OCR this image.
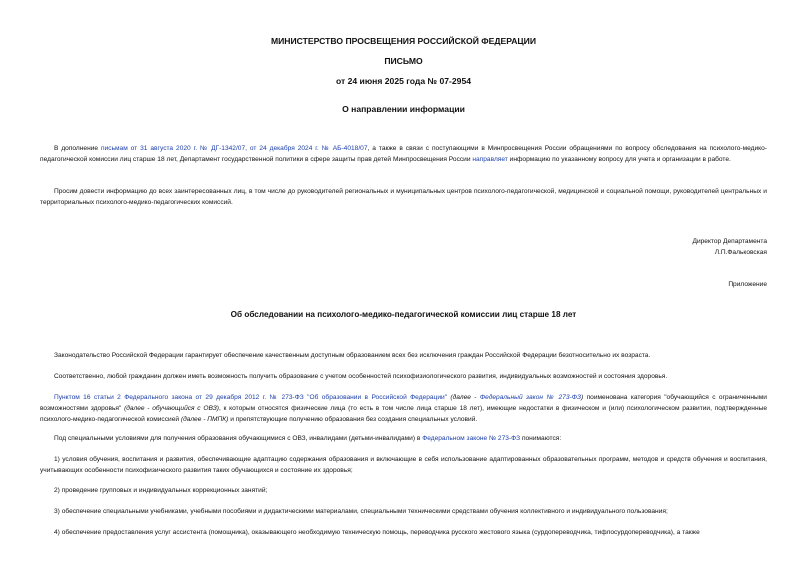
МИНИСТЕРСТВО ПРОСВЕЩЕНИЯ РОССИЙСКОЙ ФЕДЕРАЦИИ
ПИСЬМО
от 24 июня 2025 года № 07-2954
О направлении информации

В дополнение письмам от 31 августа 2020 г. № ДГ-1342/07, от 24 декабря 2024 г. № АБ-4018/07, а также в связи с поступающими в Минпросвещения России обращениями по вопросу обследования на психолого-медико-педагогической комиссии лиц старше 18 лет, Департамент государственной политики в сфере защиты прав детей Минпросвещения России направляет информацию по указанному вопросу для учета и организации в работе.

Просим довести информацию до всех заинтересованных лиц, в том числе до руководителей региональных и муниципальных центров психолого-педагогической, медицинской и социальной помощи, руководителей центральных и территориальных психолого-медико-педагогических комиссий.

Директор Департамента
Л.П.Фальковская
Приложение
Об обследовании на психолого-медико-педагогической комиссии лиц старше 18 лет

Законодательство Российской Федерации гарантирует обеспечение качественным доступным образованием всех без исключения граждан Российской Федерации безотносительно их возраста.

Соответственно, любой гражданин должен иметь возможность получить образование с учетом особенностей психофизиологического развития, индивидуальных возможностей и состояния здоровья.

Пунктом 16 статьи 2 Федерального закона от 29 декабря 2012 г. № 273-ФЗ "Об образовании в Российской Федерации" (далее - Федеральный закон № 273-ФЗ) поименована категория "обучающийся с ограниченными возможностями здоровья" (далее - обучающийся с ОВЗ), к которым относятся физические лица (то есть в том числе лица старше 18 лет), имеющие недостатки в физическом и (или) психологическом развитии, подтвержденные психолого-медико-педагогической комиссией (далее - ПМПК) и препятствующие получению образования без создания специальных условий.

Под специальными условиями для получения образования обучающимися с ОВЗ, инвалидами (детьми-инвалидами) в Федеральном законе № 273-ФЗ понимаются:

1) условия обучения, воспитания и развития, обеспечивающие адаптацию содержания образования и включающие в себя использование адаптированных образовательных программ, методов и средств обучения и воспитания, учитывающих особенности психофизического развития таких обучающихся и состояние их здоровья;

2) проведение групповых и индивидуальных коррекционных занятий;

3) обеспечение специальными учебниками, учебными пособиями и дидактическими материалами, специальными техническими средствами обучения коллективного и индивидуального пользования;

4) обеспечение предоставления услуг ассистента (помощника), оказывающего необходимую техническую помощь, переводчика русского жестового языка (сурдопереводчика, тифлосурдопереводчика), а также
